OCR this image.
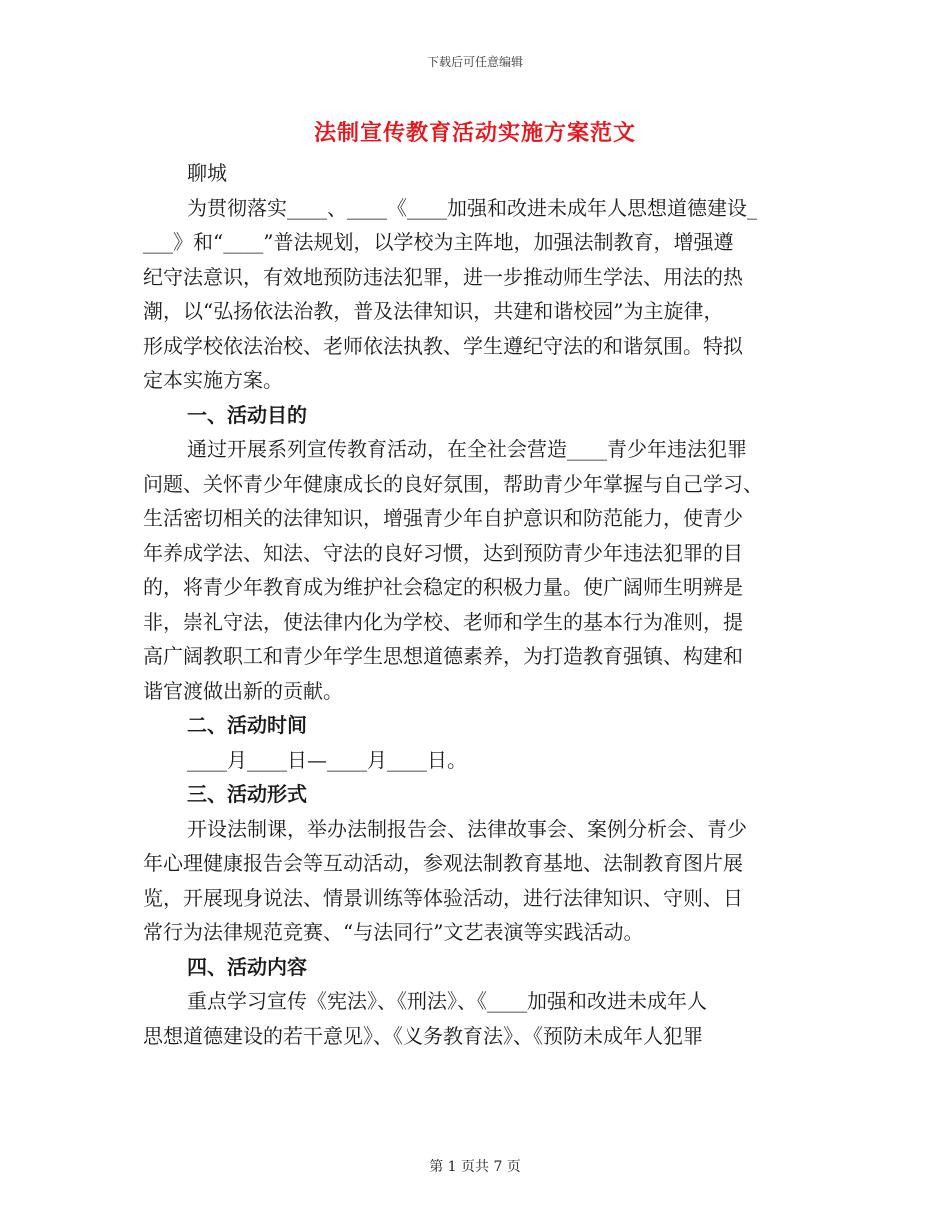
下载后可任意编辑
法制宣传教育活动实施方案范文
聊城
为贯彻落实____、____《____加强和改进未成年人思想道德建设_
___》和“____”普法规划，以学校为主阵地，加强法制教育，增强遵
纪守法意识，有效地预防违法犯罪，进一步推动师生学法、用法的热
潮，以“弘扬依法治教，普及法律知识，共建和谐校园”为主旋律，
形成学校依法治校、老师依法执教、学生遵纪守法的和谐氛围。特拟
定本实施方案。
一、活动目的
通过开展系列宣传教育活动，在全社会营造____青少年违法犯罪
问题、关怀青少年健康成长的良好氛围，帮助青少年掌握与自己学习、
生活密切相关的法律知识，增强青少年自护意识和防范能力，使青少
年养成学法、知法、守法的良好习惯，达到预防青少年违法犯罪的目
的，将青少年教育成为维护社会稳定的积极力量。使广阔师生明辨是
非，崇礼守法，使法律内化为学校、老师和学生的基本行为准则，提
高广阔教职工和青少年学生思想道德素养，为打造教育强镇、构建和
谐官渡做出新的贡献。
二、活动时间
____月____日—____月____日。
三、活动形式
开设法制课，举办法制报告会、法律故事会、案例分析会、青少
年心理健康报告会等互动活动，参观法制教育基地、法制教育图片展
览，开展现身说法、情景训练等体验活动，进行法律知识、守则、日
常行为法律规范竞赛、“与法同行”文艺表演等实践活动。
四、活动内容
重点学习宣传《宪法》、《刑法》、《____加强和改进未成年人
思想道德建设的若干意见》、《义务教育法》、《预防未成年人犯罪
第 1 页共 7 页
